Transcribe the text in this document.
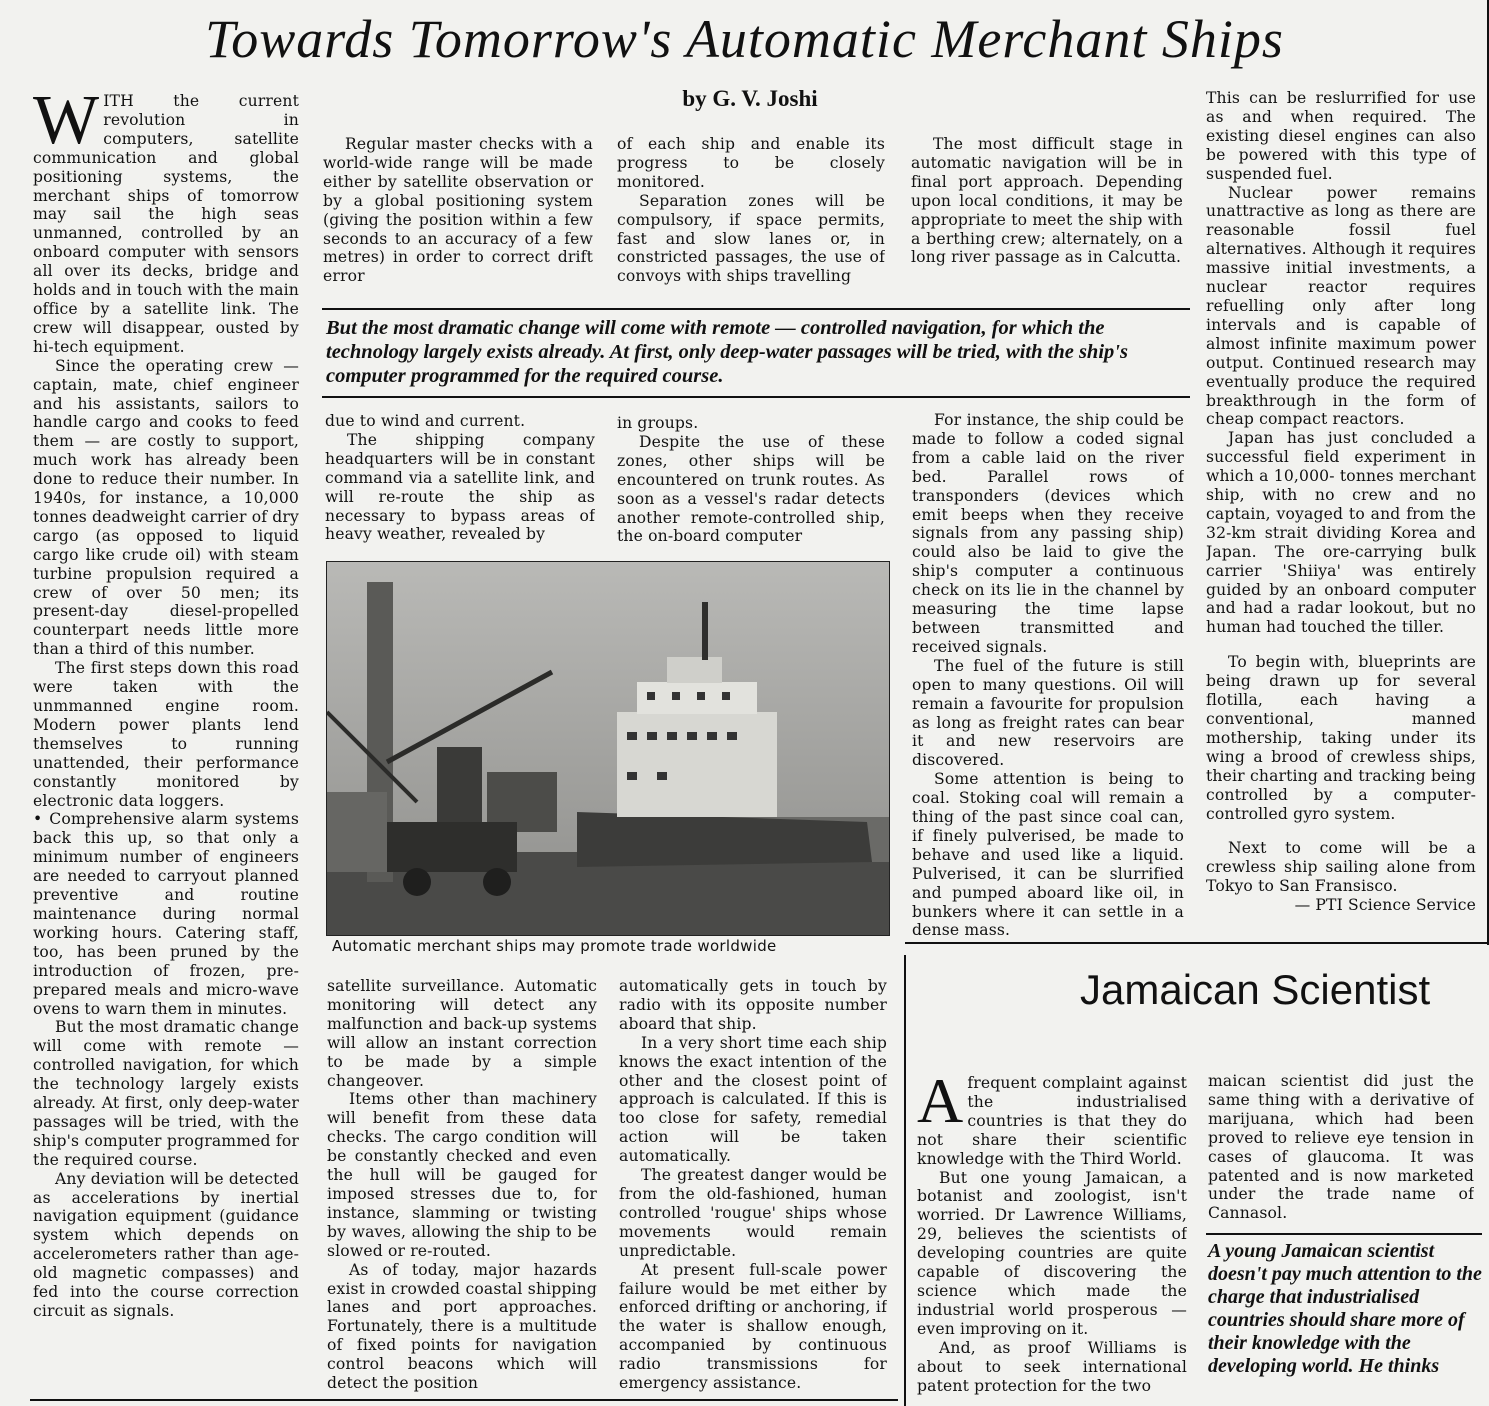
Towards Tomorrow's Automatic Merchant Ships
by G. V. Joshi

WITH the current revolution in computers, satellite communication and global positioning systems, the merchant ships of tomorrow may sail the high seas unmanned, controlled by an onboard computer with sensors all over its decks, bridge and holds and in touch with the main office by a satellite link. The crew will disappear, ousted by hi-tech equipment.

Since the operating crew — captain, mate, chief engineer and his assistants, sailors to handle cargo and cooks to feed them — are costly to support, much work has already been done to reduce their number. In 1940s, for instance, a 10,000 tonnes deadweight carrier of dry cargo (as opposed to liquid cargo like crude oil) with steam turbine propulsion required a crew of over 50 men; its present-day diesel-propelled counterpart needs little more than a third of this number.

The first steps down this road were taken with the unmmanned engine room. Modern power plants lend themselves to running unattended, their performance constantly monitored by electronic data loggers.

• Comprehensive alarm systems back this up, so that only a minimum number of engineers are needed to carryout planned preventive and routine maintenance during normal working hours. Catering staff, too, has been pruned by the introduction of frozen, pre-prepared meals and micro-wave ovens to warn them in minutes.

But the most dramatic change will come with remote — controlled navigation, for which the technology largely exists already. At first, only deep-water passages will be tried, with the ship's computer programmed for the required course.

Any deviation will be detected as accelerations by inertial navigation equipment (guidance system which depends on accelerometers rather than age-old magnetic compasses) and fed into the course correction circuit as signals.

Regular master checks with a world-wide range will be made either by satellite observation or by a global positioning system (giving the position within a few seconds to an accuracy of a few metres) in order to correct drift error

of each ship and enable its progress to be closely monitored.

Separation zones will be compulsory, if space permits, fast and slow lanes or, in constricted passages, the use of convoys with ships travelling

The most difficult stage in automatic navigation will be in final port approach. Depending upon local conditions, it may be appropriate to meet the ship with a berthing crew; alternately, on a long river passage as in Calcutta.

But the most dramatic change will come with remote — controlled navigation, for which the technology largely exists already. At first, only deep-water passages will be tried, with the ship's computer programmed for the required course.

due to wind and current.

The shipping company headquarters will be in constant command via a satellite link, and will re-route the ship as necessary to bypass areas of heavy weather, revealed by

in groups.

Despite the use of these zones, other ships will be encountered on trunk routes. As soon as a vessel's radar detects another remote-controlled ship, the on-board computer

For instance, the ship could be made to follow a coded signal from a cable laid on the river bed. Parallel rows of transponders (devices which emit beeps when they receive signals from any passing ship) could also be laid to give the ship's computer a continuous check on its lie in the channel by measuring the time lapse between transmitted and received signals.

The fuel of the future is still open to many questions. Oil will remain a favourite for propulsion as long as freight rates can bear it and new reservoirs are discovered.

Some attention is being to coal. Stoking coal will remain a thing of the past since coal can, if finely pulverised, be made to behave and used like a liquid. Pulverised, it can be slurrified and pumped aboard like oil, in bunkers where it can settle in a dense mass.

This can be reslurrified for use as and when required. The existing diesel engines can also be powered with this type of suspended fuel.

Nuclear power remains unattractive as long as there are reasonable fossil fuel alternatives. Although it requires massive initial investments, a nuclear reactor requires refuelling only after long intervals and is capable of almost infinite maximum power output. Continued research may eventually produce the required breakthrough in the form of cheap compact reactors.

Japan has just concluded a successful field experiment in which a 10,000- tonnes merchant ship, with no crew and no captain, voyaged to and from the 32-km strait dividing Korea and Japan. The ore-carrying bulk carrier 'Shiiya' was entirely guided by an onboard computer and had a radar lookout, but no human had touched the tiller.

To begin with, blueprints are being drawn up for several flotilla, each having a conventional, manned mothership, taking under its wing a brood of crewless ships, their charting and tracking being controlled by a computer- controlled gyro system.

Next to come will be a crewless ship sailing alone from Tokyo to San Fransisco.

— PTI Science Service

Automatic merchant ships may promote trade worldwide

satellite surveillance. Automatic monitoring will detect any malfunction and back-up systems will allow an instant correction to be made by a simple changeover.

Items other than machinery will benefit from these data checks. The cargo condition will be constantly checked and even the hull will be gauged for imposed stresses due to, for instance, slamming or twisting by waves, allowing the ship to be slowed or re-routed.

As of today, major hazards exist in crowded coastal shipping lanes and port approaches. Fortunately, there is a multitude of fixed points for navigation control beacons which will detect the position

automatically gets in touch by radio with its opposite number aboard that ship.

In a very short time each ship knows the exact intention of the other and the closest point of approach is calculated. If this is too close for safety, remedial action will be taken automatically.

The greatest danger would be from the old-fashioned, human controlled 'rougue' ships whose movements would remain unpredictable.

At present full-scale power failure would be met either by enforced drifting or anchoring, if the water is shallow enough, accompanied by continuous radio transmissions for emergency assistance.

Jamaican Scientist

Afrequent complaint against the industrialised countries is that they do not share their scientific knowledge with the Third World.

But one young Jamaican, a botanist and zoologist, isn't worried. Dr Lawrence Williams, 29, believes the scientists of developing countries are quite capable of discovering the science which made the industrial world prosperous — even improving on it.

And, as proof Williams is about to seek international patent protection for the two

maican scientist did just the same thing with a derivative of marijuana, which had been proved to relieve eye tension in cases of glaucoma. It was patented and is now marketed under the trade name of Cannasol.

A young Jamaican scientist doesn't pay much attention to the charge that industrialised countries should share more of their knowledge with the developing world. He thinks
